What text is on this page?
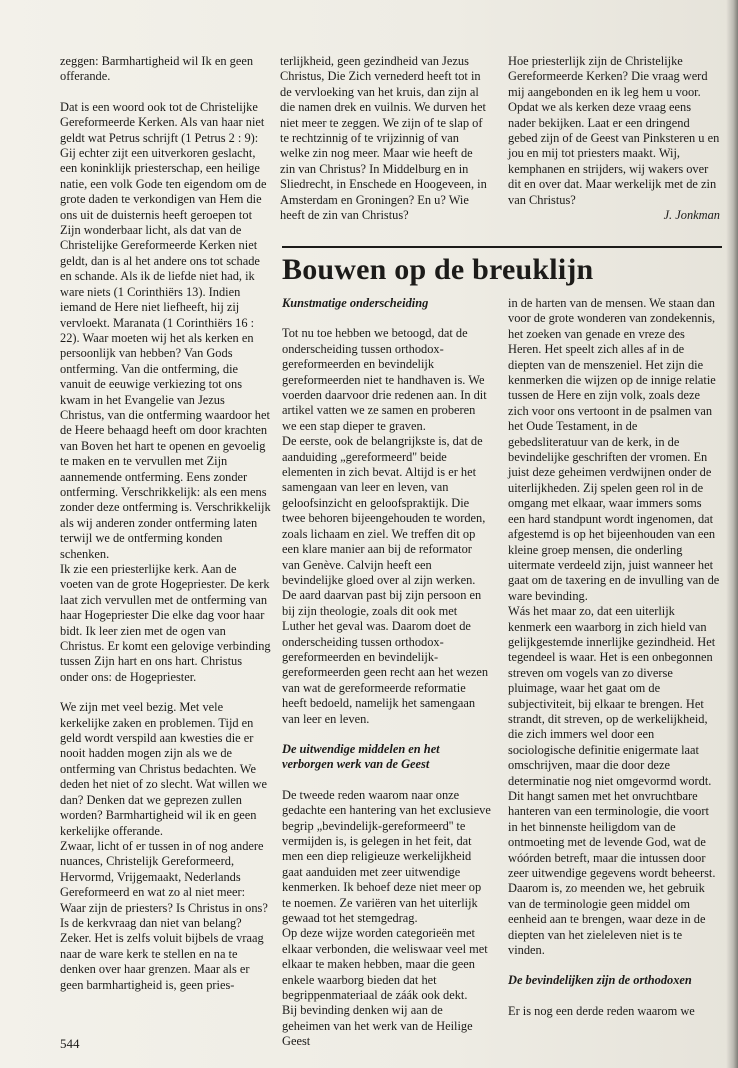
zeggen: Barmhartigheid wil Ik en geen offerande.

Dat is een woord ook tot de Christelijke Gereformeerde Kerken. Als van haar niet geldt wat Petrus schrijft (1 Petrus 2 : 9): Gij echter zijt een uitverkoren geslacht, een koninklijk priesterschap, een heilige natie, een volk Gode ten eigendom om de grote daden te verkondigen van Hem die ons uit de duisternis heeft geroepen tot Zijn wonderbaar licht, als dat van de Christelijke Gereformeerde Kerken niet geldt, dan is al het andere ons tot schade en schande. Als ik de liefde niet had, ik ware niets (1 Corinthiërs 13). Indien iemand de Here niet liefheeft, hij zij vervloekt. Maranata (1 Corinthiërs 16 : 22). Waar moeten wij het als kerken en persoonlijk van hebben? Van Gods ontferming. Van die ontferming, die vanuit de eeuwige verkiezing tot ons kwam in het Evangelie van Jezus Christus, van die ontferming waardoor het de Heere behaagd heeft om door krachten van Boven het hart te openen en gevoelig te maken en te vervullen met Zijn aannemende ontferming. Eens zonder ontferming. Verschrikkelijk: als een mens zonder deze ontferming is. Verschrikkelijk als wij anderen zonder ontferming laten terwijl we de ontferming konden schenken.

Ik zie een priesterlijke kerk. Aan de voeten van de grote Hogepriester. De kerk laat zich vervullen met de ontferming van haar Hogepriester Die elke dag voor haar bidt. Ik leer zien met de ogen van Christus. Er komt een gelovige verbinding tussen Zijn hart en ons hart. Christus onder ons: de Hogepriester.

We zijn met veel bezig. Met vele kerkelijke zaken en problemen. Tijd en geld wordt verspild aan kwesties die er nooit hadden mogen zijn als we de ontferming van Christus bedachten. We deden het niet of zo slecht. Wat willen we dan? Denken dat we geprezen zullen worden? Barmhartigheid wil ik en geen kerkelijke offerande.

Zwaar, licht of er tussen in of nog andere nuances, Christelijk Gereformeerd, Hervormd, Vrijgemaakt, Nederlands Gereformeerd en wat zo al niet meer: Waar zijn de priesters? Is Christus in ons?

Is de kerkvraag dan niet van belang? Zeker. Het is zelfs voluit bijbels de vraag naar de ware kerk te stellen en na te denken over haar grenzen. Maar als er geen barmhartigheid is, geen pries-

terlijkheid, geen gezindheid van Jezus Christus, Die Zich vernederd heeft tot in de vervloeking van het kruis, dan zijn al die namen drek en vuilnis. We durven het niet meer te zeggen. We zijn of te slap of te rechtzinnig of te vrijzinnig of van welke zin nog meer. Maar wie heeft de zin van Christus? In Middelburg en in Sliedrecht, in Enschede en Hoogeveen, in Amsterdam en Groningen? En u? Wie heeft de zin van Christus?

Hoe priesterlijk zijn de Christelijke Gereformeerde Kerken? Die vraag werd mij aangebonden en ik leg hem u voor. Opdat we als kerken deze vraag eens nader bekijken. Laat er een dringend gebed zijn of de Geest van Pinksteren u en jou en mij tot priesters maakt. Wij, kemphanen en strijders, wij wakers over dit en over dat. Maar werkelijk met de zin van Christus?

J. Jonkman

Bouwen op de breuklijn

Kunstmatige onderscheiding

Tot nu toe hebben we betoogd, dat de onderscheiding tussen orthodox-gereformeerden en bevindelijk gereformeerden niet te handhaven is. We voerden daarvoor drie redenen aan. In dit artikel vatten we ze samen en proberen we een stap dieper te graven.

De eerste, ook de belangrijkste is, dat de aanduiding „gereformeerd'' beide elementen in zich bevat. Altijd is er het samengaan van leer en leven, van geloofsinzicht en geloofspraktijk. Die twee behoren bijeengehouden te worden, zoals lichaam en ziel. We treffen dit op een klare manier aan bij de reformator van Genève. Calvijn heeft een bevindelijke gloed over al zijn werken. De aard daarvan past bij zijn persoon en bij zijn theologie, zoals dit ook met Luther het geval was. Daarom doet de onderscheiding tussen orthodox-gereformeerden en bevindelijk-gereformeerden geen recht aan het wezen van wat de gereformeerde reformatie heeft bedoeld, namelijk het samengaan van leer en leven.

De uitwendige middelen en het verborgen werk van de Geest

De tweede reden waarom naar onze gedachte een hantering van het exclusieve begrip „bevindelijk-gereformeerd'' te vermijden is, is gelegen in het feit, dat men een diep religieuze werkelijkheid gaat aanduiden met zeer uitwendige kenmerken. Ik behoef deze niet meer op te noemen. Ze variëren van het uiterlijk gewaad tot het stemgedrag.

Op deze wijze worden categorieën met elkaar verbonden, die weliswaar veel met elkaar te maken hebben, maar die geen enkele waarborg bieden dat het begrippenmateriaal de záák ook dekt.

Bij bevinding denken wij aan de geheimen van het werk van de Heilige Geest

in de harten van de mensen. We staan dan voor de grote wonderen van zondekennis, het zoeken van genade en vreze des Heren. Het speelt zich alles af in de diepten van de menszeniel. Het zijn die kenmerken die wijzen op de innige relatie tussen de Here en zijn volk, zoals deze zich voor ons vertoont in de psalmen van het Oude Testament, in de gebedsliteratuur van de kerk, in de bevindelijke geschriften der vromen. En juist deze geheimen verdwijnen onder de uiterlijkheden. Zij spelen geen rol in de omgang met elkaar, waar immers soms een hard standpunt wordt ingenomen, dat afgestemd is op het bijeenhouden van een kleine groep mensen, die onderling uitermate verdeeld zijn, juist wanneer het gaat om de taxering en de invulling van de ware bevinding.

Wás het maar zo, dat een uiterlijk kenmerk een waarborg in zich hield van gelijkgestemde innerlijke gezindheid. Het tegendeel is waar. Het is een onbegonnen streven om vogels van zo diverse pluimage, waar het gaat om de subjectiviteit, bij elkaar te brengen. Het strandt, dit streven, op de werkelijkheid, die zich immers wel door een sociologische definitie enigermate laat omschrijven, maar die door deze determinatie nog niet omgevormd wordt.

Dit hangt samen met het onvruchtbare hanteren van een terminologie, die voort in het binnenste heiligdom van de ontmoeting met de levende God, wat de wóórden betreft, maar die intussen door zeer uitwendige gegevens wordt beheerst. Daarom is, zo meenden we, het gebruik van de terminologie geen middel om eenheid aan te brengen, waar deze in de diepten van het zieleleven niet is te vinden.

De bevindelijken zijn de orthodoxen

Er is nog een derde reden waarom we

544
